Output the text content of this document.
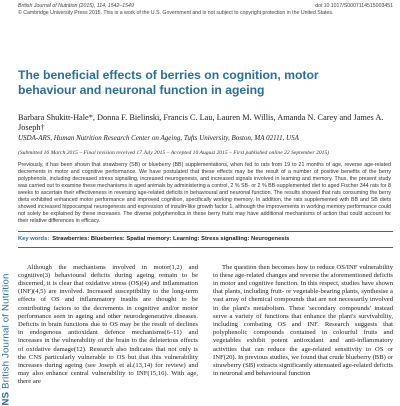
NS British Journal of Nutrition
British Journal of Nutrition (2015), 114, 1542–1549	doi:10.1017/S0007114515003451
© Cambridge University Press 2015. This is a work of the U.S. Government and is not subject to copyright protection in the United States.
The beneficial effects of berries on cognition, motor behaviour and neuronal function in ageing
Barbara Shukitt-Hale*, Donna F. Bielinski, Francis C. Lau, Lauren M. Willis, Amanda N. Carey and James A. Joseph†
USDA-ARS, Human Nutrition Research Center on Ageing, Tufts University, Boston, MA 02111, USA
(Submitted 16 March 2015 – Final revision received 17 July 2015 – Accepted 10 August 2015 – First published online 22 September 2015)
Previously, it has been shown that strawberry (SB) or blueberry (BB) supplementations, when fed to rats from 19 to 21 months of age, reverse age-related decrements in motor and cognitive performance. We have postulated that these effects may be the result of a number of positive benefits of the berry polyphenols, including decreased stress signalling, increased neurogenesis, and increased signals involved in learning and memory. Thus, the present study was carried out to examine these mechanisms in aged animals by administering a control, 2 % SB- or 2 % BB-supplemented diet to aged Fischer 344 rats for 8 weeks to ascertain their effectiveness in reversing age-related deficits in behavioural and neuronal function. The results showed that rats consuming the berry diets exhibited enhanced motor performance and improved cognition, specifically working memory. In addition, the rats supplemented with BB and SB diets showed increased hippocampal neurogenesis and expression of insulin-like growth factor 1, although the improvements in working memory performance could not solely be explained by these increases. The diverse polyphenolics in these berry fruits may have additional mechanisms of action that could account for their relative differences in efficacy.
Key words: Strawberries: Blueberries: Spatial memory: Learning: Stress signalling: Neurogenesis
Although the mechanisms involved in motor(1,2) and cognitive(3) behavioural deficits during ageing remain to be discerned, it is clear that oxidative stress (OS)(4) and inflammation (INF)(4,5) are involved. Increased susceptibility to the long-term effects of OS and inflammatory insults are thought to be contributing factors to the decrements in cognitive and/or motor performance seen in ageing and other neurodegenerative diseases. Deficits in brain functions due to OS may be the result of declines in endogenous antioxidant defence mechanisms(6–11) and increases in the vulnerability of the brain to the deleterious effects of oxidative damage(12). Research also indicates that not only is the CNS particularly vulnerable to OS but that this vulnerability increases during ageing (see Joseph et al.(13,14) for review) and may also enhance central vulnerability to INF(15,16). With age, there are
The question then becomes how to reduce OS/INF vulnerability to these age-related changes and reverse the aforementioned deficits in motor and cognitive function. In this respect, studies have shown that plants, including fruit- or vegetable-bearing plants, synthesise a vast array of chemical compounds that are not necessarily involved in the plant's metabolism. These 'secondary compounds' instead serve a variety of functions that enhance the plant's survivability, including combating OS and INF. Research suggests that polyphenolic compounds contained in colourful fruits and vegetables exhibit potent antioxidant and anti-inflammatory activities that can reduce the age-related sensitivity to OS or INF(20). In previous studies, we found that crude blueberry (BB) or strawberry (SB) extracts significantly attenuated age-related deficits in neuronal and behavioural function
